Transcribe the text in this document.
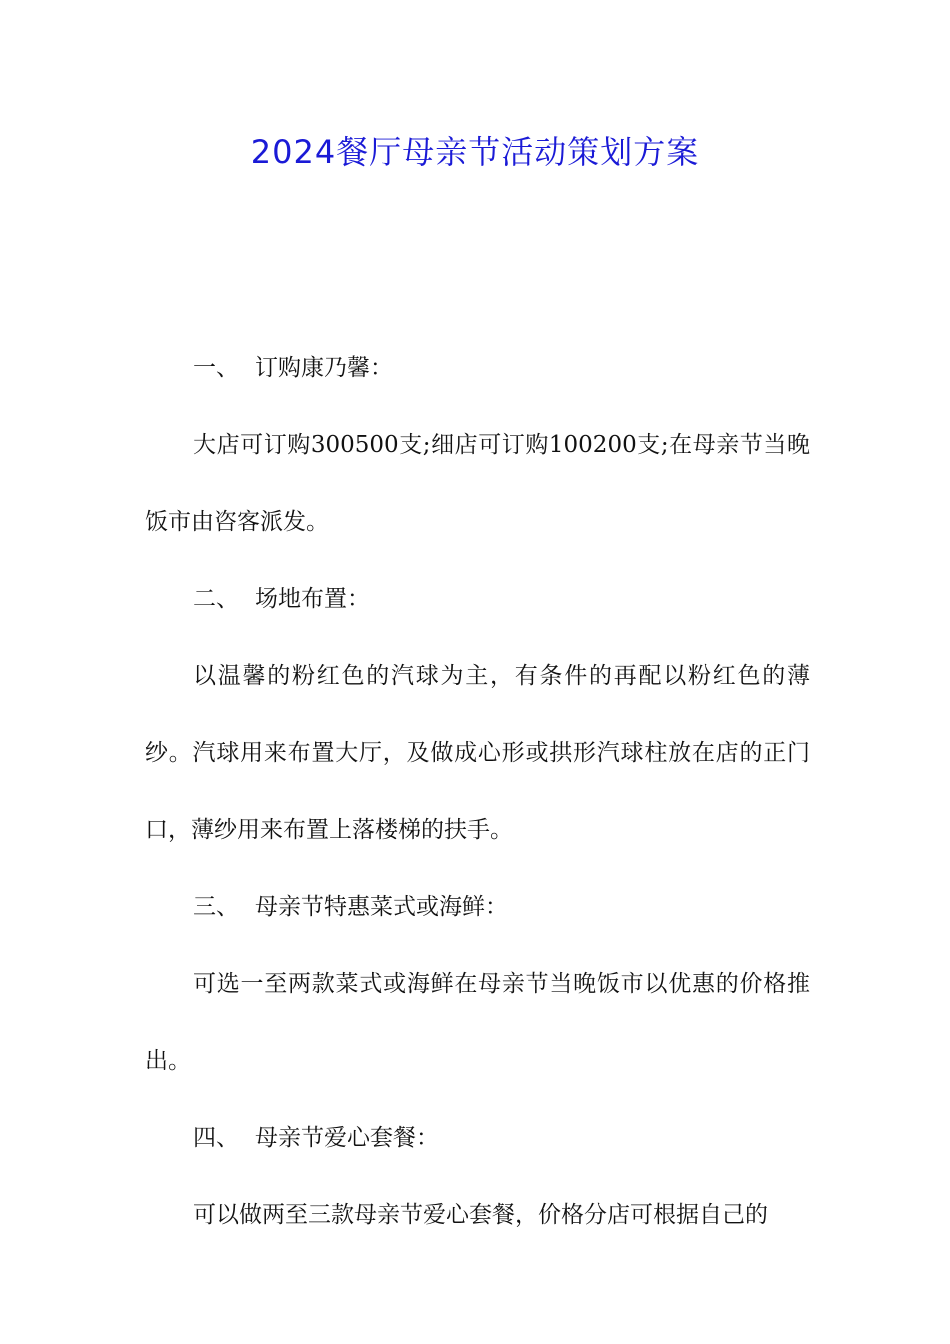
2024餐厅母亲节活动策划方案

一、 订购康乃馨：

大店可订购300500支;细店可订购100200支;在母亲节当晚饭市由咨客派发。

二、 场地布置：

以温馨的粉红色的汽球为主，有条件的再配以粉红色的薄纱。汽球用来布置大厅，及做成心形或拱形汽球柱放在店的正门口，薄纱用来布置上落楼梯的扶手。

三、 母亲节特惠菜式或海鲜：

可选一至两款菜式或海鲜在母亲节当晚饭市以优惠的价格推出。

四、 母亲节爱心套餐：

可以做两至三款母亲节爱心套餐，价格分店可根据自己的
